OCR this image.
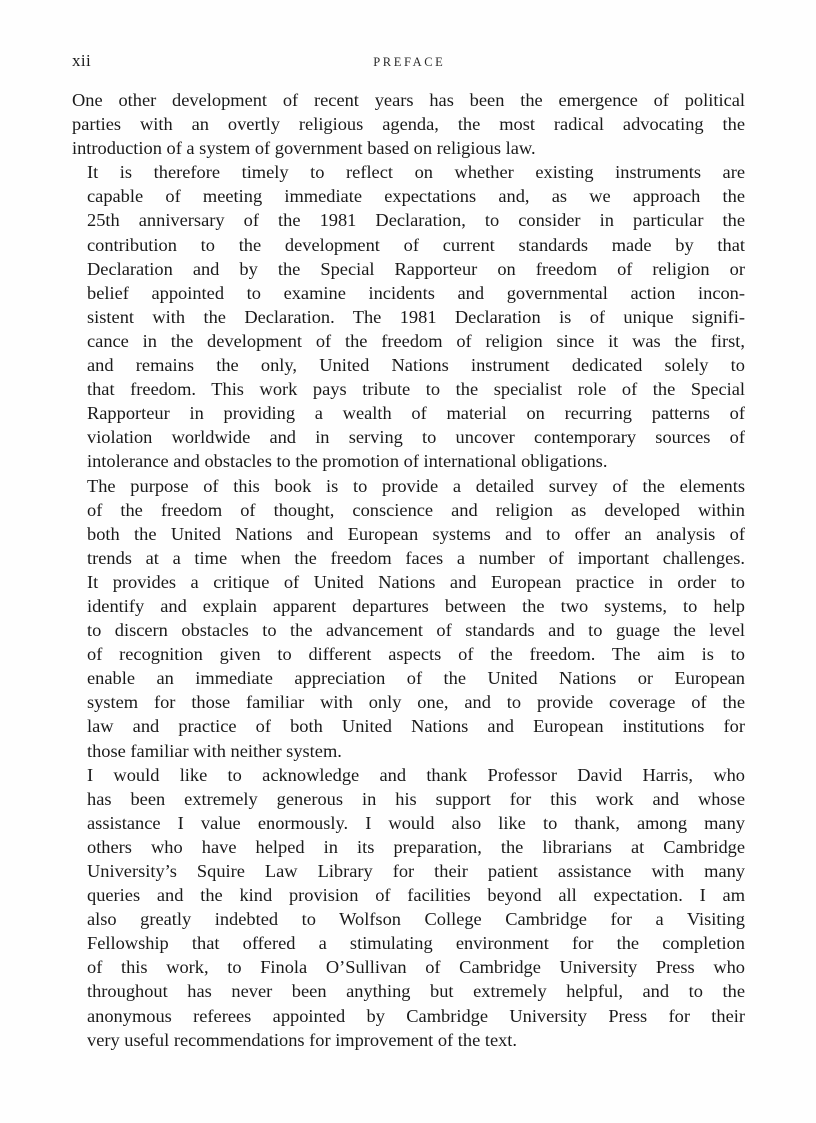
xii	PREFACE

One other development of recent years has been the emergence of political
parties with an overtly religious agenda, the most radical advocating the
introduction of a system of government based on religious law.

It is therefore timely to reflect on whether existing instruments are
capable of meeting immediate expectations and, as we approach the
25th anniversary of the 1981 Declaration, to consider in particular the
contribution to the development of current standards made by that
Declaration and by the Special Rapporteur on freedom of religion or
belief appointed to examine incidents and governmental action incon-
sistent with the Declaration. The 1981 Declaration is of unique signifi-
cance in the development of the freedom of religion since it was the first,
and remains the only, United Nations instrument dedicated solely to
that freedom. This work pays tribute to the specialist role of the Special
Rapporteur in providing a wealth of material on recurring patterns of
violation worldwide and in serving to uncover contemporary sources of
intolerance and obstacles to the promotion of international obligations.

The purpose of this book is to provide a detailed survey of the elements
of the freedom of thought, conscience and religion as developed within
both the United Nations and European systems and to offer an analysis of
trends at a time when the freedom faces a number of important challenges.
It provides a critique of United Nations and European practice in order to
identify and explain apparent departures between the two systems, to help
to discern obstacles to the advancement of standards and to guage the level
of recognition given to different aspects of the freedom. The aim is to
enable an immediate appreciation of the United Nations or European
system for those familiar with only one, and to provide coverage of the
law and practice of both United Nations and European institutions for
those familiar with neither system.

I would like to acknowledge and thank Professor David Harris, who
has been extremely generous in his support for this work and whose
assistance I value enormously. I would also like to thank, among many
others who have helped in its preparation, the librarians at Cambridge
University’s Squire Law Library for their patient assistance with many
queries and the kind provision of facilities beyond all expectation. I am
also greatly indebted to Wolfson College Cambridge for a Visiting
Fellowship that offered a stimulating environment for the completion
of this work, to Finola O’Sullivan of Cambridge University Press who
throughout has never been anything but extremely helpful, and to the
anonymous referees appointed by Cambridge University Press for their
very useful recommendations for improvement of the text.
